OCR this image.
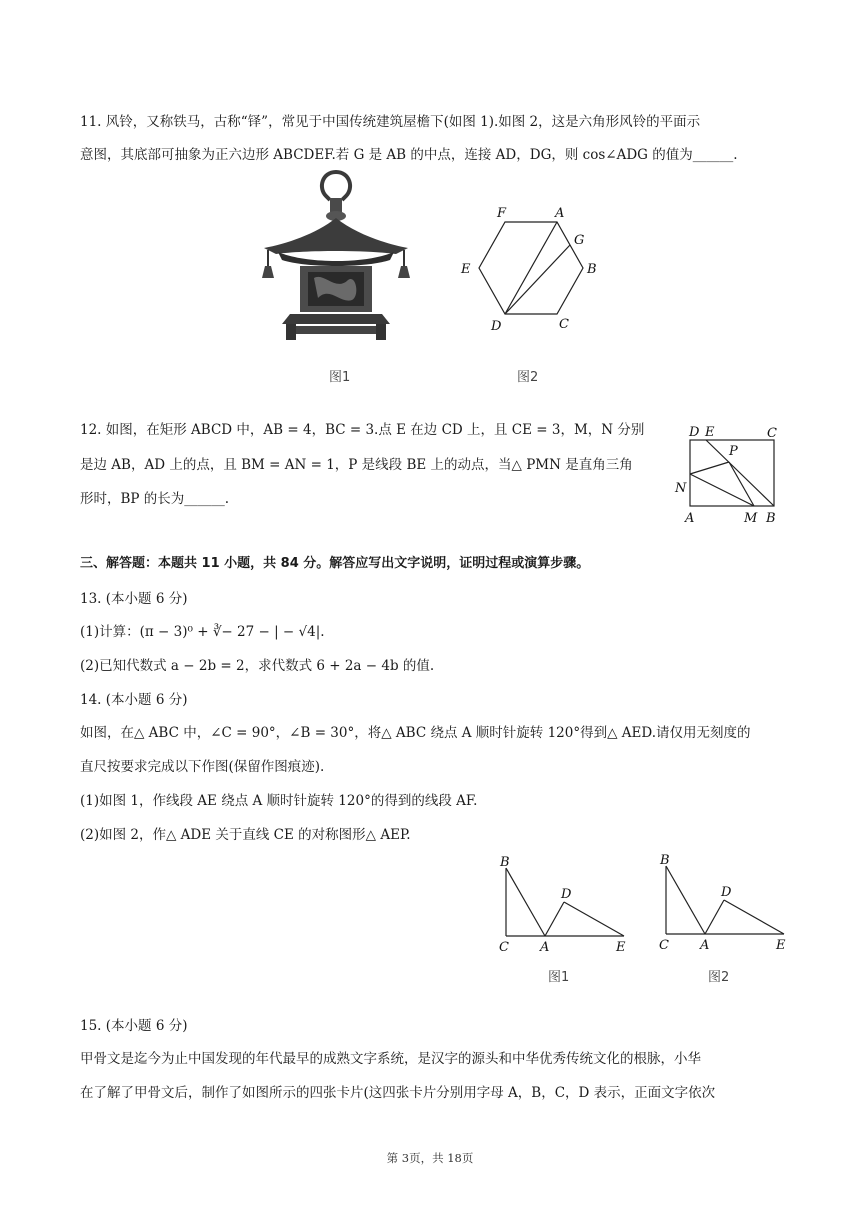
11. 风铃，又称铁马，古称“铎”，常见于中国传统建筑屋檐下(如图 1).如图 2，这是六角形风铃的平面示
意图，其底部可抽象为正六边形 ABCDEF.若 G 是 AB 的中点，连接 AD，DG，则 cos∠ADG 的值为______.
图1
F	A
G
E	B
D	C
图2
12. 如图，在矩形 ABCD 中，AB = 4，BC = 3.点 E 在边 CD 上，且 CE = 3，M，N 分别
是边 AB，AD 上的点，且 BM = AN = 1，P 是线段 BE 上的动点，当△ PMN 是直角三角
形时，BP 的长为______.
D E	C
P
N
A	M B
三、解答题：本题共 11 小题，共 84 分。解答应写出文字说明，证明过程或演算步骤。
13. (本小题 6 分)
(1)计算：(π − 3)⁰ + ∛− 27 − | − √4|.
(2)已知代数式 a − 2b = 2，求代数式 6 + 2a − 4b 的值.
14. (本小题 6 分)
如图，在△ ABC 中，∠C = 90°，∠B = 30°，将△ ABC 绕点 A 顺时针旋转 120°得到△ AED.请仅用无刻度的
直尺按要求完成以下作图(保留作图痕迹).
(1)如图 1，作线段 AE 绕点 A 顺时针旋转 120°的得到的线段 AF.
(2)如图 2，作△ ADE 关于直线 CE 的对称图形△ AEP.
B
D
C A	E
图1
B
D
C A	E
图2
15. (本小题 6 分)
甲骨文是迄今为止中国发现的年代最早的成熟文字系统，是汉字的源头和中华优秀传统文化的根脉，小华
在了解了甲骨文后，制作了如图所示的四张卡片(这四张卡片分别用字母 A，B，C，D 表示，正面文字依次
第 3页，共 18页
